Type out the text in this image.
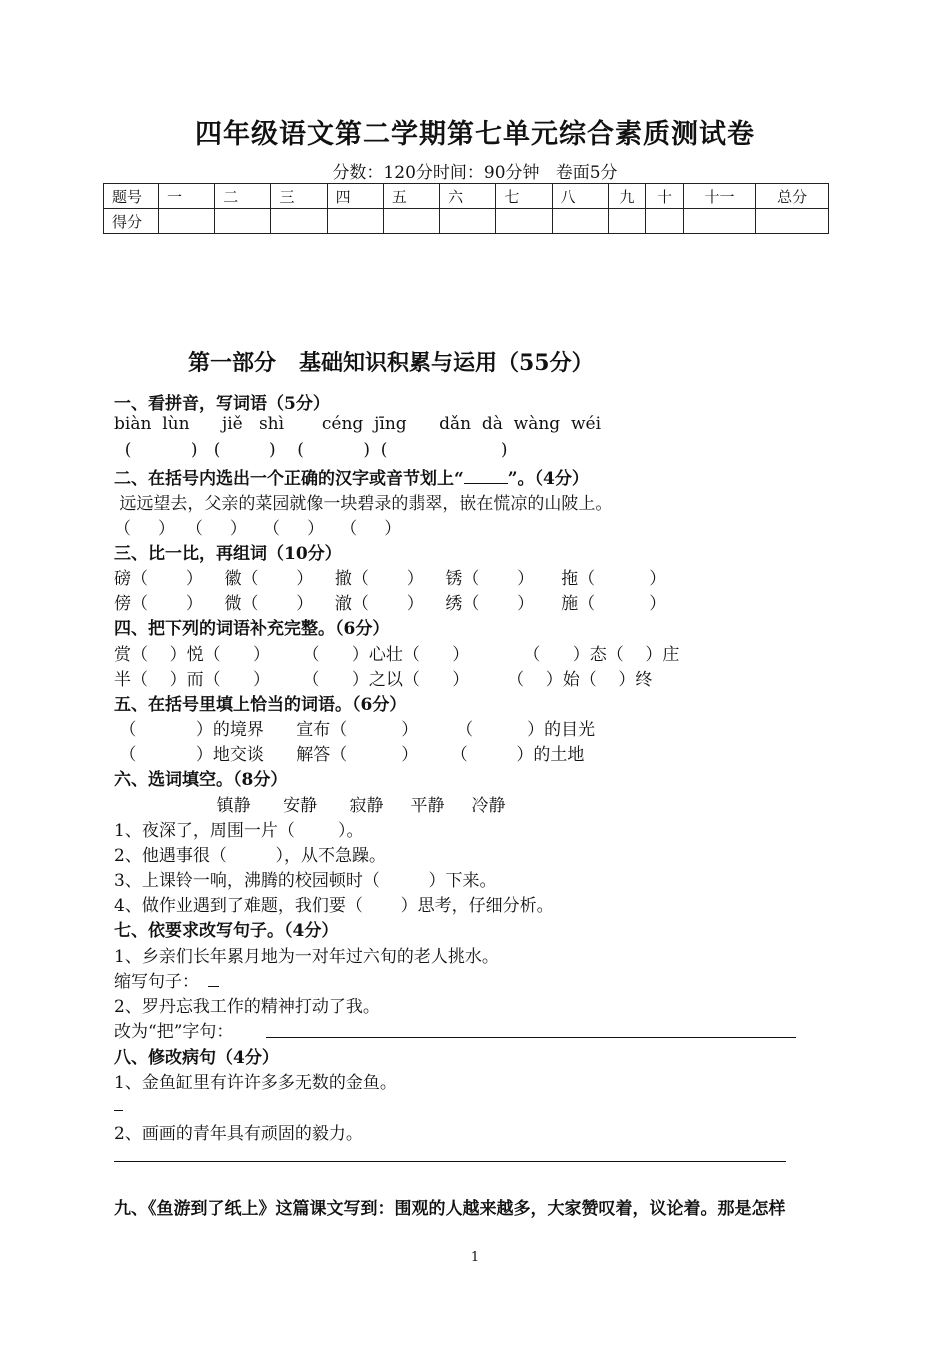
四年级语文第二学期第七单元综合素质测试卷
分数：120分时间：90分钟   卷面5分
题号	一	二	三	四	五	六	七	八	九	十	十一	总分
得分												
第一部分   基础知识积累与运用（55分）
一、看拼音，写词语（5分）
biàn  lùn      jiě   shì       céng  jīng      dǎn  dà  wàng  wéi
(           )   (         )    (           )  (                     )
二、在括号内选出一个正确的汉字或音节划上“	”。（4分）
远远望去，父亲的菜园就像一块碧录的翡翠，嵌在慌凉的山陂上。
（     ）  （     ）   （     ）   （     ）
三、比一比，再组词（10分）
磅（       ）    徽（       ）    撤（       ）    锈（       ）     拖（          ）
傍（       ）    微（       ）    澈（       ）    绣（       ）     施（          ）
四、把下列的词语补充完整。（6分）
赏（    ）悦（      ）      （      ）心壮（      ）          （      ）态（    ）庄
半（    ）而（      ）      （      ）之以（      ）       （    ）始（    ）终
五、在括号里填上恰当的词语。（6分）
（           ）的境界      宣布（          ）       （          ）的目光
（           ）地交谈      解答（          ）      （         ）的土地
六、选词填空。（8分）
镇静      安静      寂静     平静     冷静
1、夜深了，周围一片（        ）。
2、他遇事很（         ），从不急躁。
3、上课铃一响，沸腾的校园顿时（         ）下来。
4、做作业遇到了难题，我们要（       ）思考，仔细分析。
七、依要求改写句子。（4分）
1、乡亲们长年累月地为一对年过六旬的老人挑水。
缩写句子：
2、罗丹忘我工作的精神打动了我。
改为“把”字句：
八、修改病句（4分）
1、金鱼缸里有许许多多无数的金鱼。
2、画画的青年具有顽固的毅力。
九、《鱼游到了纸上》这篇课文写到：围观的人越来越多，大家赞叹着，议论着。那是怎样
1
